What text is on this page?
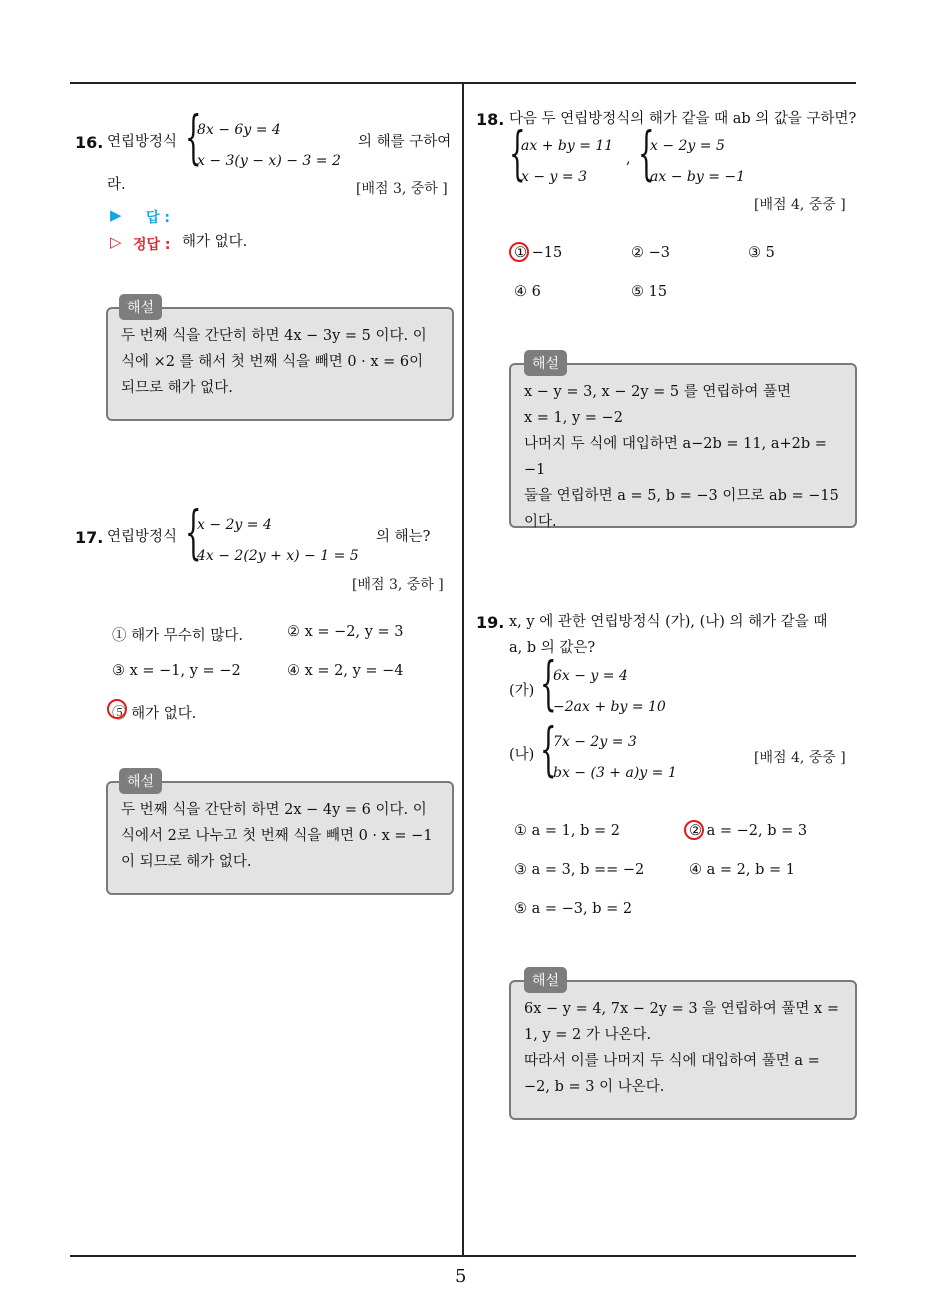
5
16. 연립방정식 {
8x − 6y = 4
x − 3(y − x) − 3 = 2
의 해를 구하여
라.	[배점 3, 중하 ]
▶ 답 :
▷ 정답 : 해가 없다.
두 번째 식을 간단히 하면 4x − 3y = 5 이다. 이
식에 ×2 를 해서 첫 번째 식을 빼면 0 · x = 6이
되므로 해가 없다.
해설
17. 연립방정식 {
x − 2y = 4
4x − 2(2y + x) − 1 = 5
의 해는?
[배점 3, 중하 ]
① 해가 무수히 많다.	② x = −2, y = 3
③ x = −1, y = −2	④ x = 2, y = −4
⑤ 해가 없다.
두 번째 식을 간단히 하면 2x − 4y = 6 이다. 이
식에서 2로 나누고 첫 번째 식을 빼면 0 · x = −1
이 되므로 해가 없다.
해설
18. 다음 두 연립방정식의 해가 같을 때 ab 의 값을 구하면?
{
ax + by = 11
x − y = 3
, {
x − 2y = 5
ax − by = −1
[배점 4, 중중 ]
① −15	② −3	③ 5
④ 6	⑤ 15
x − y = 3, x − 2y = 5 를 연립하여 풀면
x = 1, y = −2
나머지 두 식에 대입하면 a−2b = 11, a+2b = −1
둘을 연립하면 a = 5, b = −3 이므로 ab = −15
이다.
해설
19. x, y 에 관한 연립방정식 (가), (나) 의 해가 같을 때
a, b 의 값은?
(가) {
6x − y = 4
−2ax + by = 10
(나) {
7x − 2y = 3
bx − (3 + a)y = 1
[배점 4, 중중 ]
① a = 1, b = 2	② a = −2, b = 3
③ a = 3, b == −2	④ a = 2, b = 1
⑤ a = −3, b = 2
6x − y = 4, 7x − 2y = 3 을 연립하여 풀면 x =
1, y = 2 가 나온다.
따라서 이를 나머지 두 식에 대입하여 풀면 a =
−2, b = 3 이 나온다.
해설
